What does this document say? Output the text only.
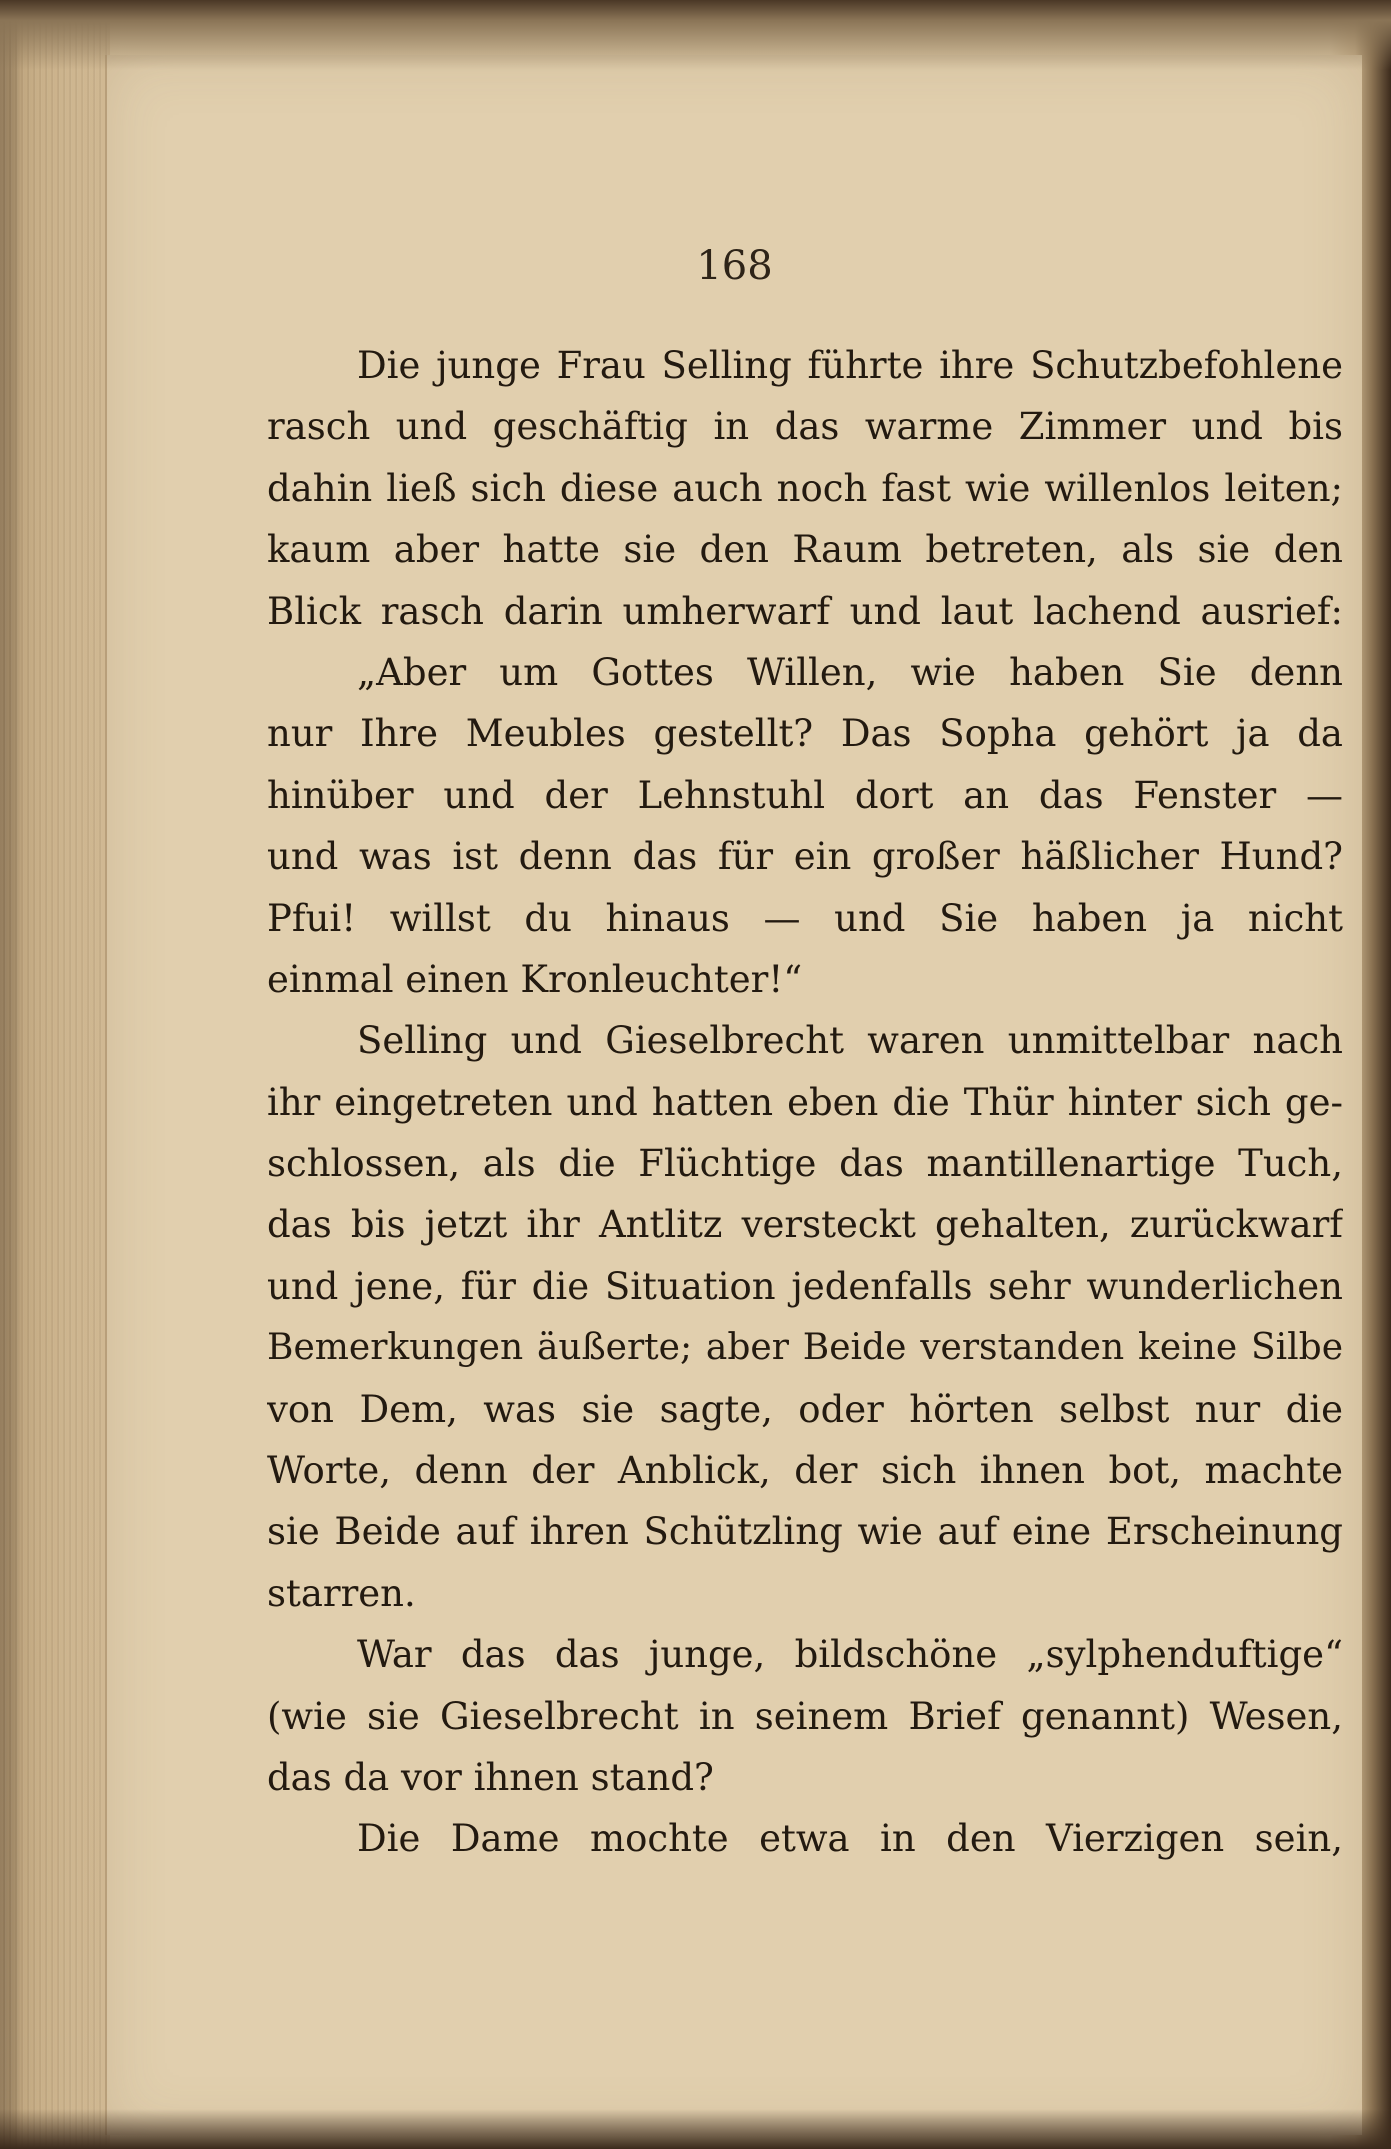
168
Die junge Frau Selling führte ihre Schutzbefohlene
rasch und geschäftig in das warme Zimmer und bis
dahin ließ sich diese auch noch fast wie willenlos leiten;
kaum aber hatte sie den Raum betreten, als sie den
Blick rasch darin umherwarf und laut lachend ausrief:
„Aber um Gottes Willen, wie haben Sie denn
nur Ihre Meubles gestellt? Das Sopha gehört ja da
hinüber und der Lehnstuhl dort an das Fenster —
und was ist denn das für ein großer häßlicher Hund?
Pfui! willst du hinaus — und Sie haben ja nicht
einmal einen Kronleuchter!“
Selling und Gieselbrecht waren unmittelbar nach
ihr eingetreten und hatten eben die Thür hinter sich ge-
schlossen, als die Flüchtige das mantillenartige Tuch,
das bis jetzt ihr Antlitz versteckt gehalten, zurückwarf
und jene, für die Situation jedenfalls sehr wunderlichen
Bemerkungen äußerte; aber Beide verstanden keine Silbe
von Dem, was sie sagte, oder hörten selbst nur die
Worte, denn der Anblick, der sich ihnen bot, machte
sie Beide auf ihren Schützling wie auf eine Erscheinung
starren.
War das das junge, bildschöne „sylphenduftige“
(wie sie Gieselbrecht in seinem Brief genannt) Wesen,
das da vor ihnen stand?
Die Dame mochte etwa in den Vierzigen sein,
